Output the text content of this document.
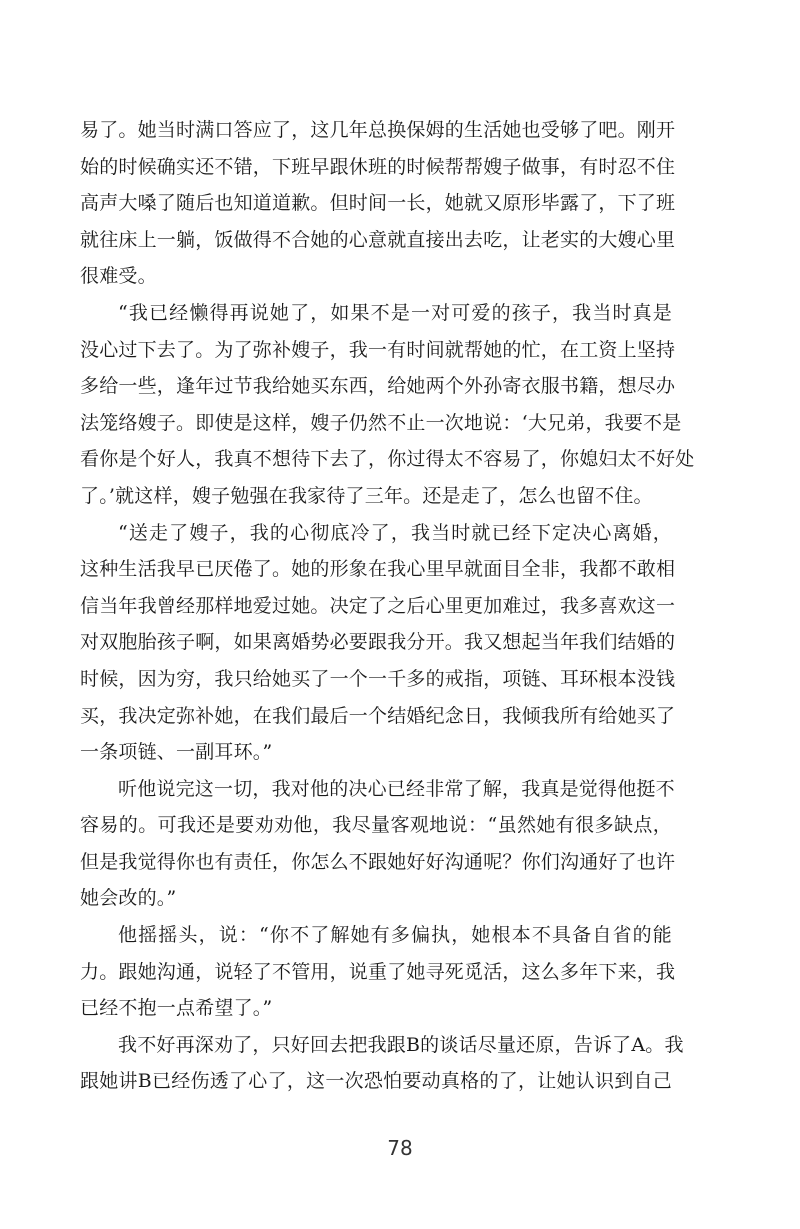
易了。她当时满口答应了，这几年总换保姆的生活她也受够了吧。刚开
始的时候确实还不错，下班早跟休班的时候帮帮嫂子做事，有时忍不住
高声大嗓了随后也知道道歉。但时间一长，她就又原形毕露了，下了班
就往床上一躺，饭做得不合她的心意就直接出去吃，让老实的大嫂心里
很难受。
“我已经懒得再说她了，如果不是一对可爱的孩子，我当时真是
没心过下去了。为了弥补嫂子，我一有时间就帮她的忙，在工资上坚持
多给一些，逢年过节我给她买东西，给她两个外孙寄衣服书籍，想尽办
法笼络嫂子。即使是这样，嫂子仍然不止一次地说：‘大兄弟，我要不是
看你是个好人，我真不想待下去了，你过得太不容易了，你媳妇太不好处
了。’就这样，嫂子勉强在我家待了三年。还是走了，怎么也留不住。
“送走了嫂子，我的心彻底冷了，我当时就已经下定决心离婚，
这种生活我早已厌倦了。她的形象在我心里早就面目全非，我都不敢相
信当年我曾经那样地爱过她。决定了之后心里更加难过，我多喜欢这一
对双胞胎孩子啊，如果离婚势必要跟我分开。我又想起当年我们结婚的
时候，因为穷，我只给她买了一个一千多的戒指，项链、耳环根本没钱
买，我决定弥补她，在我们最后一个结婚纪念日，我倾我所有给她买了
一条项链、一副耳环。”
听他说完这一切，我对他的决心已经非常了解，我真是觉得他挺不
容易的。可我还是要劝劝他，我尽量客观地说：“虽然她有很多缺点，
但是我觉得你也有责任，你怎么不跟她好好沟通呢？你们沟通好了也许
她会改的。”
他摇摇头，说：“你不了解她有多偏执，她根本不具备自省的能
力。跟她沟通，说轻了不管用，说重了她寻死觅活，这么多年下来，我
已经不抱一点希望了。”
我不好再深劝了，只好回去把我跟B的谈话尽量还原，告诉了A。我
跟她讲B已经伤透了心了，这一次恐怕要动真格的了，让她认识到自己
78
